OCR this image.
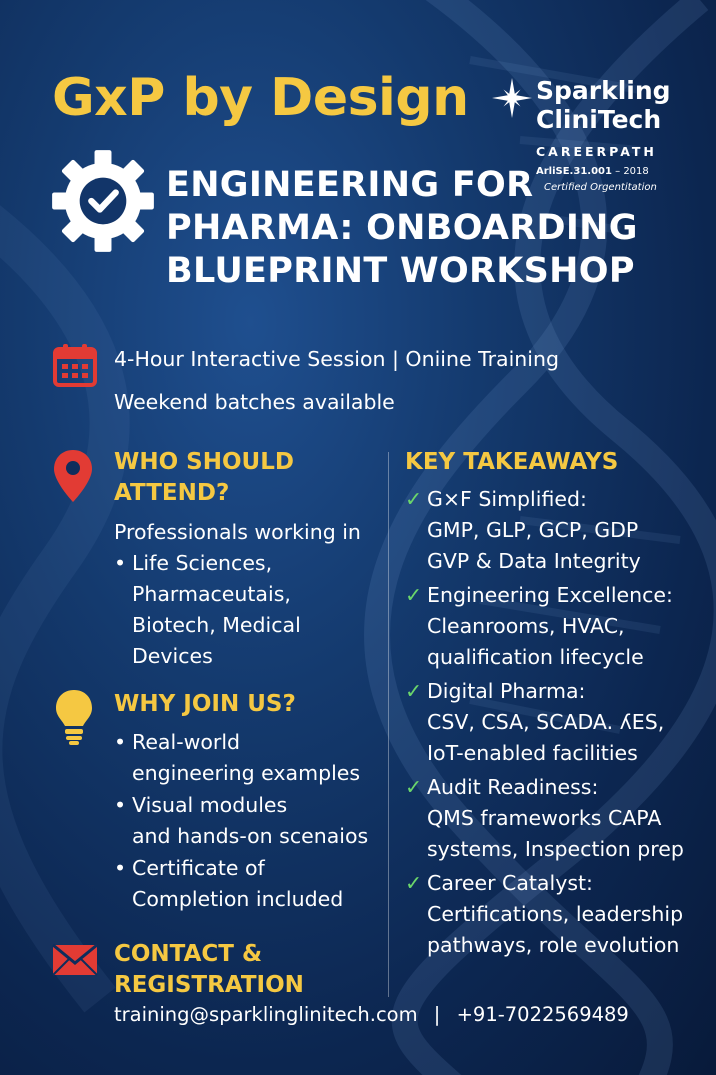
GxP by Design	Sparkling
CliniTech
CAREERPATH
ArliSE.31.001 – 2018
Certified Orgentitation
ENGINEERING FOR
PHARMA: ONBOARDING
BLUEPRINT WORKSHOP
4-Hour Interactive Session | Oniine Training
Weekend batches available
WHO SHOULD
ATTEND?
Professionals working in
• Life Sciences,
Pharmaceutais,
Biotech, Medical
Devices
WHY JOIN US?
• Real-world
engineering examples
• Visual modules
and hands-on scenaios
• Certificate of
Completion included
KEY TAKEAWAYS
✓ G×F Simplified:
GMP, GLP, GCP, GDP
GVP & Data Integrity
✓ Engineering Excellence:
Cleanrooms, HVAC,
qualification lifecycle
✓ Digital Pharma:
CSV, CSA, SCADA. ʎES,
IoT-enabled facilities
✓ Audit Readiness:
QMS frameworks CAPA
systems, Inspection prep
✓ Career Catalyst:
Certifications, leadership
pathways, role evolution
CONTACT &
REGISTRATION
training@sparklinglinitech.com | +91-7022569489
